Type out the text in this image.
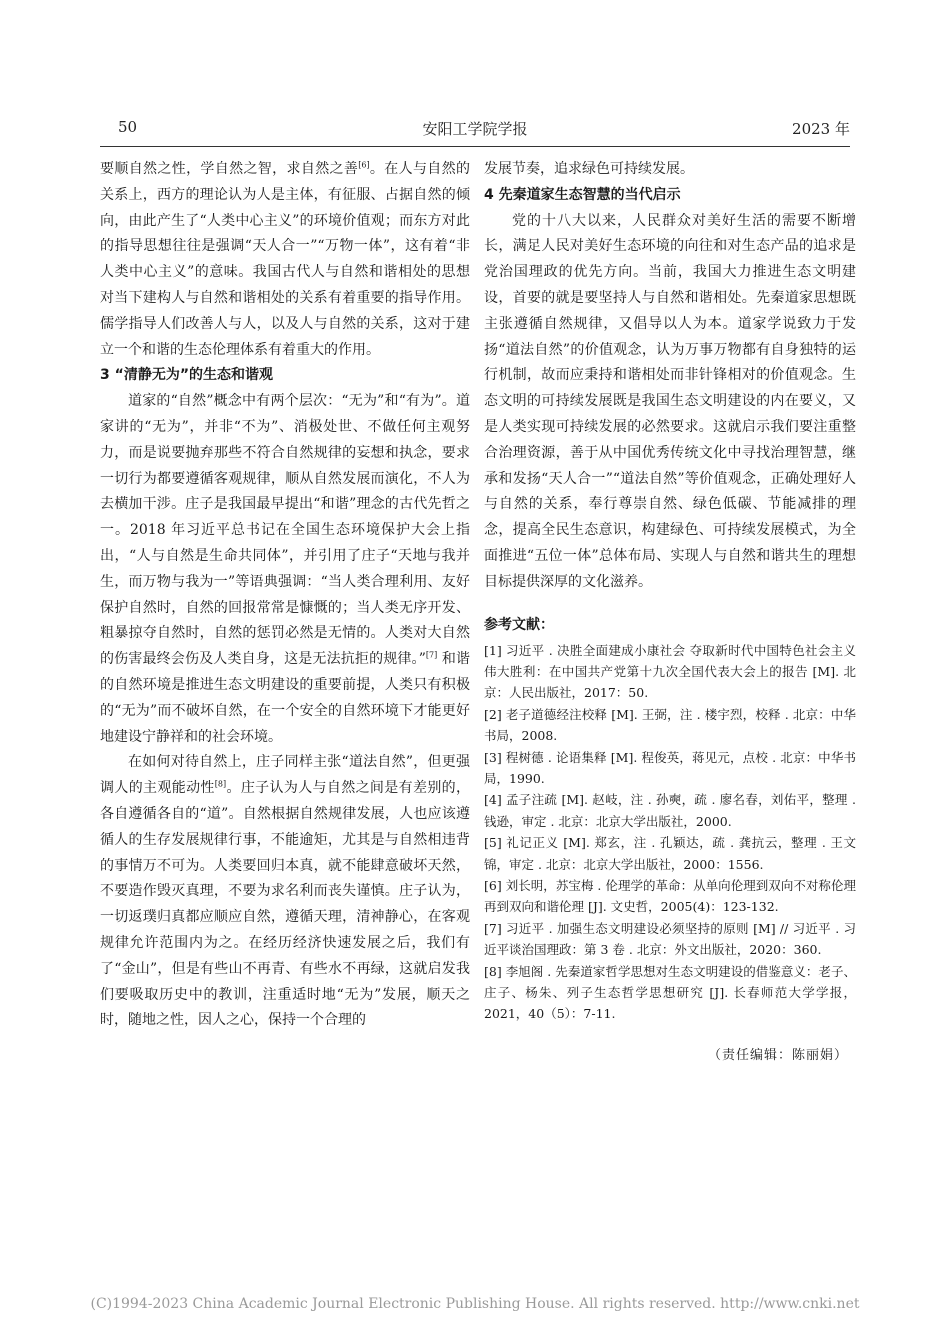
50	安阳工学院学报	2023 年

要顺自然之性，学自然之智，求自然之善[6]。在人与自然的关系上，西方的理论认为人是主体，有征服、占据自然的倾向，由此产生了“人类中心主义”的环境价值观；而东方对此的指导思想往往是强调“天人合一”“万物一体”，这有着“非人类中心主义”的意味。我国古代人与自然和谐相处的思想对当下建构人与自然和谐相处的关系有着重要的指导作用。儒学指导人们改善人与人，以及人与自然的关系，这对于建立一个和谐的生态伦理体系有着重大的作用。

3 “清静无为”的生态和谐观

道家的“自然”概念中有两个层次：“无为”和“有为”。道家讲的“无为”，并非“不为”、消极处世、不做任何主观努力，而是说要抛弃那些不符合自然规律的妄想和执念，要求一切行为都要遵循客观规律，顺从自然发展而演化，不人为去横加干涉。庄子是我国最早提出“和谐”理念的古代先哲之一。2018 年习近平总书记在全国生态环境保护大会上指出，“人与自然是生命共同体”，并引用了庄子“天地与我并生，而万物与我为一”等语典强调：“当人类合理利用、友好保护自然时，自然的回报常常是慷慨的；当人类无序开发、粗暴掠夺自然时，自然的惩罚必然是无情的。人类对大自然的伤害最终会伤及人类自身，这是无法抗拒的规律。”[7] 和谐的自然环境是推进生态文明建设的重要前提，人类只有积极的“无为”而不破坏自然，在一个安全的自然环境下才能更好地建设宁静祥和的社会环境。

在如何对待自然上，庄子同样主张“道法自然”，但更强调人的主观能动性[8]。庄子认为人与自然之间是有差别的，各自遵循各自的“道”。自然根据自然规律发展，人也应该遵循人的生存发展规律行事，不能逾矩，尤其是与自然相违背的事情万不可为。人类要回归本真，就不能肆意破坏天然，不要造作毁灭真理，不要为求名利而丧失谨慎。庄子认为，一切返璞归真都应顺应自然，遵循天理，清神静心，在客观规律允许范围内为之。在经历经济快速发展之后，我们有了“金山”，但是有些山不再青、有些水不再绿，这就启发我们要吸取历史中的教训，注重适时地“无为”发展，顺天之时，随地之性，因人之心，保持一个合理的

发展节奏，追求绿色可持续发展。

4 先秦道家生态智慧的当代启示

党的十八大以来，人民群众对美好生活的需要不断增长，满足人民对美好生态环境的向往和对生态产品的追求是党治国理政的优先方向。当前，我国大力推进生态文明建设，首要的就是要坚持人与自然和谐相处。先秦道家思想既主张遵循自然规律，又倡导以人为本。道家学说致力于发扬“道法自然”的价值观念，认为万事万物都有自身独特的运行机制，故而应秉持和谐相处而非针锋相对的价值观念。生态文明的可持续发展既是我国生态文明建设的内在要义，又是人类实现可持续发展的必然要求。这就启示我们要注重整合治理资源，善于从中国优秀传统文化中寻找治理智慧，继承和发扬“天人合一”“道法自然”等价值观念，正确处理好人与自然的关系，奉行尊崇自然、绿色低碳、节能减排的理念，提高全民生态意识，构建绿色、可持续发展模式，为全面推进“五位一体”总体布局、实现人与自然和谐共生的理想目标提供深厚的文化滋养。

参考文献：

[1] 习近平 . 决胜全面建成小康社会 夺取新时代中国特色社会主义伟大胜利：在中国共产党第十九次全国代表大会上的报告 [M]. 北京：人民出版社，2017：50.

[2] 老子道德经注校释 [M]. 王弼，注 . 楼宇烈，校释 . 北京：中华书局，2008.

[3] 程树德 . 论语集释 [M]. 程俊英，蒋见元，点校 . 北京：中华书局，1990.

[4] 孟子注疏 [M]. 赵岐，注 . 孙奭，疏 . 廖名春，刘佑平，整理 . 钱逊，审定 . 北京：北京大学出版社，2000.

[5] 礼记正义 [M]. 郑玄，注 . 孔颖达，疏 . 龚抗云，整理 . 王文锦，审定 . 北京：北京大学出版社，2000：1556.

[6] 刘长明，苏宝梅 . 伦理学的革命：从单向伦理到双向不对称伦理再到双向和谐伦理 [J]. 文史哲，2005(4)：123-132.

[7] 习近平 . 加强生态文明建设必须坚持的原则 [M] // 习近平 . 习近平谈治国理政：第 3 卷 . 北京：外文出版社，2020：360.

[8] 李旭阁 . 先秦道家哲学思想对生态文明建设的借鉴意义：老子、庄子、杨朱、列子生态哲学思想研究 [J]. 长春师范大学学报，2021，40（5）：7-11.

（责任编辑：陈丽娟）
(C)1994-2023 China Academic Journal Electronic Publishing House. All rights reserved. http://www.cnki.net
